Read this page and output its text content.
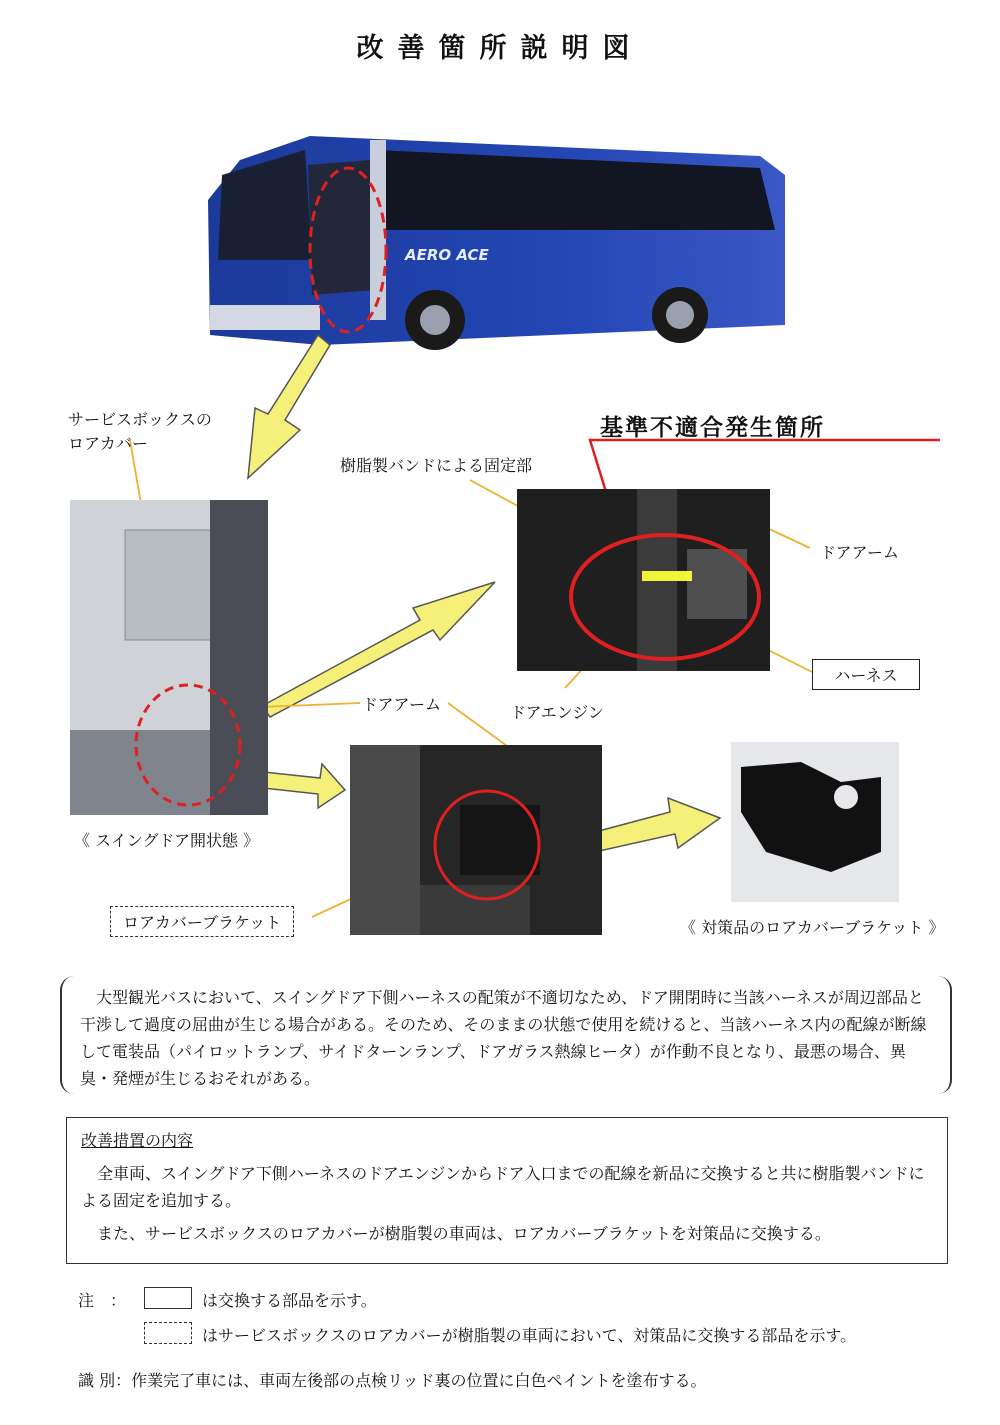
改善箇所説明図
AERO ACE
サービスボックスの
ロアカバー
基準不適合発生箇所
樹脂製バンドによる固定部
ドアアーム
ハーネス
ドアエンジン
ドアアーム
《 スイングドア開状態 》
ロアカバーブラケット	《 対策品のロアカバーブラケット 》
大型観光バスにおいて、スイングドア下側ハーネスの配策が不適切なため、ドア開閉時に当該ハーネスが周辺部品と干渉して過度の屈曲が生じる場合がある。そのため、そのままの状態で使用を続けると、当該ハーネス内の配線が断線して電装品（パイロットランプ、サイドターンランプ、ドアガラス熱線ヒータ）が作動不良となり、最悪の場合、異臭・発煙が生じるおそれがある。
改善措置の内容
全車両、スイングドア下側ハーネスのドアエンジンからドア入口までの配線を新品に交換すると共に樹脂製バンドによる固定を追加する。
また、サービスボックスのロアカバーが樹脂製の車両は、ロアカバーブラケットを対策品に交換する。
注　：	は交換する部品を示す。
はサービスボックスのロアカバーが樹脂製の車両において、対策品に交換する部品を示す。
識 別：作業完了車には、車両左後部の点検リッド裏の位置に白色ペイントを塗布する。
